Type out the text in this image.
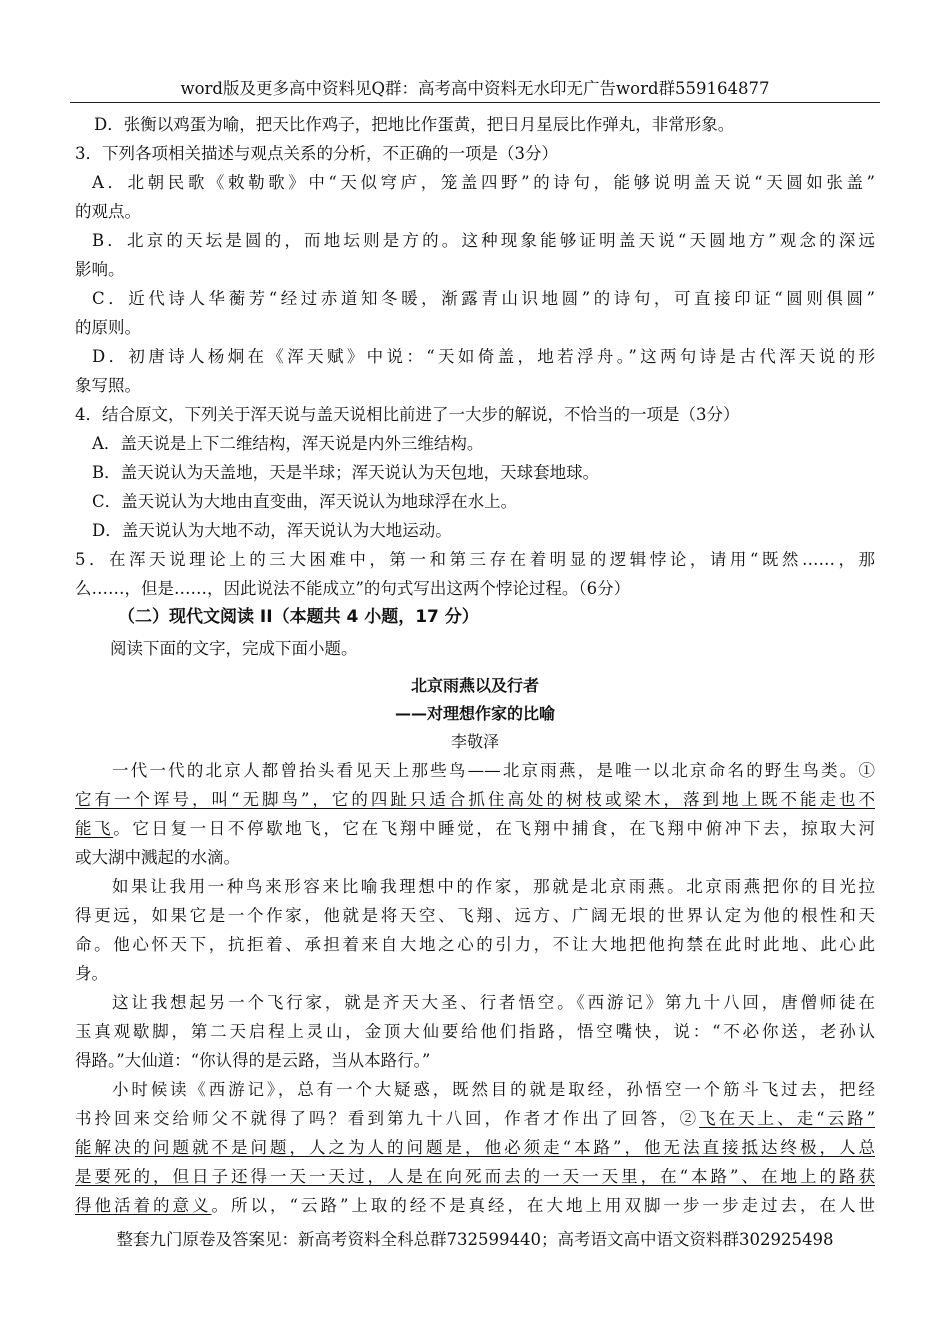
word版及更多高中资料见Q群：高考高中资料无水印无广告word群559164877
D．张衡以鸡蛋为喻，把天比作鸡子，把地比作蛋黄，把日月星辰比作弹丸，非常形象。
3．下列各项相关描述与观点关系的分析，不正确的一项是（3分）
A．北朝民歌《敕勒歌》中“天似穹庐，笼盖四野”的诗句，能够说明盖天说“天圆如张盖”
的观点。
B．北京的天坛是圆的，而地坛则是方的。这种现象能够证明盖天说“天圆地方”观念的深远
影响。
C．近代诗人华蘅芳“经过赤道知冬暖，渐露青山识地圆”的诗句，可直接印证“圆则俱圆”
的原则。
D．初唐诗人杨炯在《浑天赋》中说：“天如倚盖，地若浮舟。”这两句诗是古代浑天说的形
象写照。
4．结合原文，下列关于浑天说与盖天说相比前进了一大步的解说，不恰当的一项是（3分）
A．盖天说是上下二维结构，浑天说是内外三维结构。
B．盖天说认为天盖地，天是半球；浑天说认为天包地，天球套地球。
C．盖天说认为大地由直变曲，浑天说认为地球浮在水上。
D．盖天说认为大地不动，浑天说认为大地运动。
5．在浑天说理论上的三大困难中，第一和第三存在着明显的逻辑悖论，请用“既然……，那
么……，但是……，因此说法不能成立”的句式写出这两个悖论过程。（6分）
（二）现代文阅读 II（本题共 4 小题，17 分）
阅读下面的文字，完成下面小题。
北京雨燕以及行者
——对理想作家的比喻
李敬泽
一代一代的北京人都曾抬头看见天上那些鸟——北京雨燕，是唯一以北京命名的野生鸟类。①
它有一个诨号，叫“无脚鸟”，它的四趾只适合抓住高处的树枝或梁木，落到地上既不能走也不
能飞。它日复一日不停歇地飞，它在飞翔中睡觉，在飞翔中捕食，在飞翔中俯冲下去，掠取大河
或大湖中溅起的水滴。
如果让我用一种鸟来形容来比喻我理想中的作家，那就是北京雨燕。北京雨燕把你的目光拉
得更远，如果它是一个作家，他就是将天空、飞翔、远方、广阔无垠的世界认定为他的根性和天
命。他心怀天下，抗拒着、承担着来自大地之心的引力，不让大地把他拘禁在此时此地、此心此
身。
这让我想起另一个飞行家，就是齐天大圣、行者悟空。《西游记》第九十八回，唐僧师徒在
玉真观歇脚，第二天启程上灵山，金顶大仙要给他们指路，悟空嘴快，说：“不必你送，老孙认
得路。”大仙道：“你认得的是云路，当从本路行。”
小时候读《西游记》，总有一个大疑惑，既然目的就是取经，孙悟空一个筋斗飞过去，把经
书拎回来交给师父不就得了吗？看到第九十八回，作者才作出了回答，②飞在天上、走“云路”
能解决的问题就不是问题，人之为人的问题是，他必须走“本路”，他无法直接抵达终极，人总
是要死的，但日子还得一天一天过，人是在向死而去的一天一天里，在“本路”、在地上的路获
得他活着的意义。所以，“云路”上取的经不是真经，在大地上用双脚一步一步走过去，在人世
整套九门原卷及答案见：新高考资料全科总群732599440；高考语文高中语文资料群302925498
